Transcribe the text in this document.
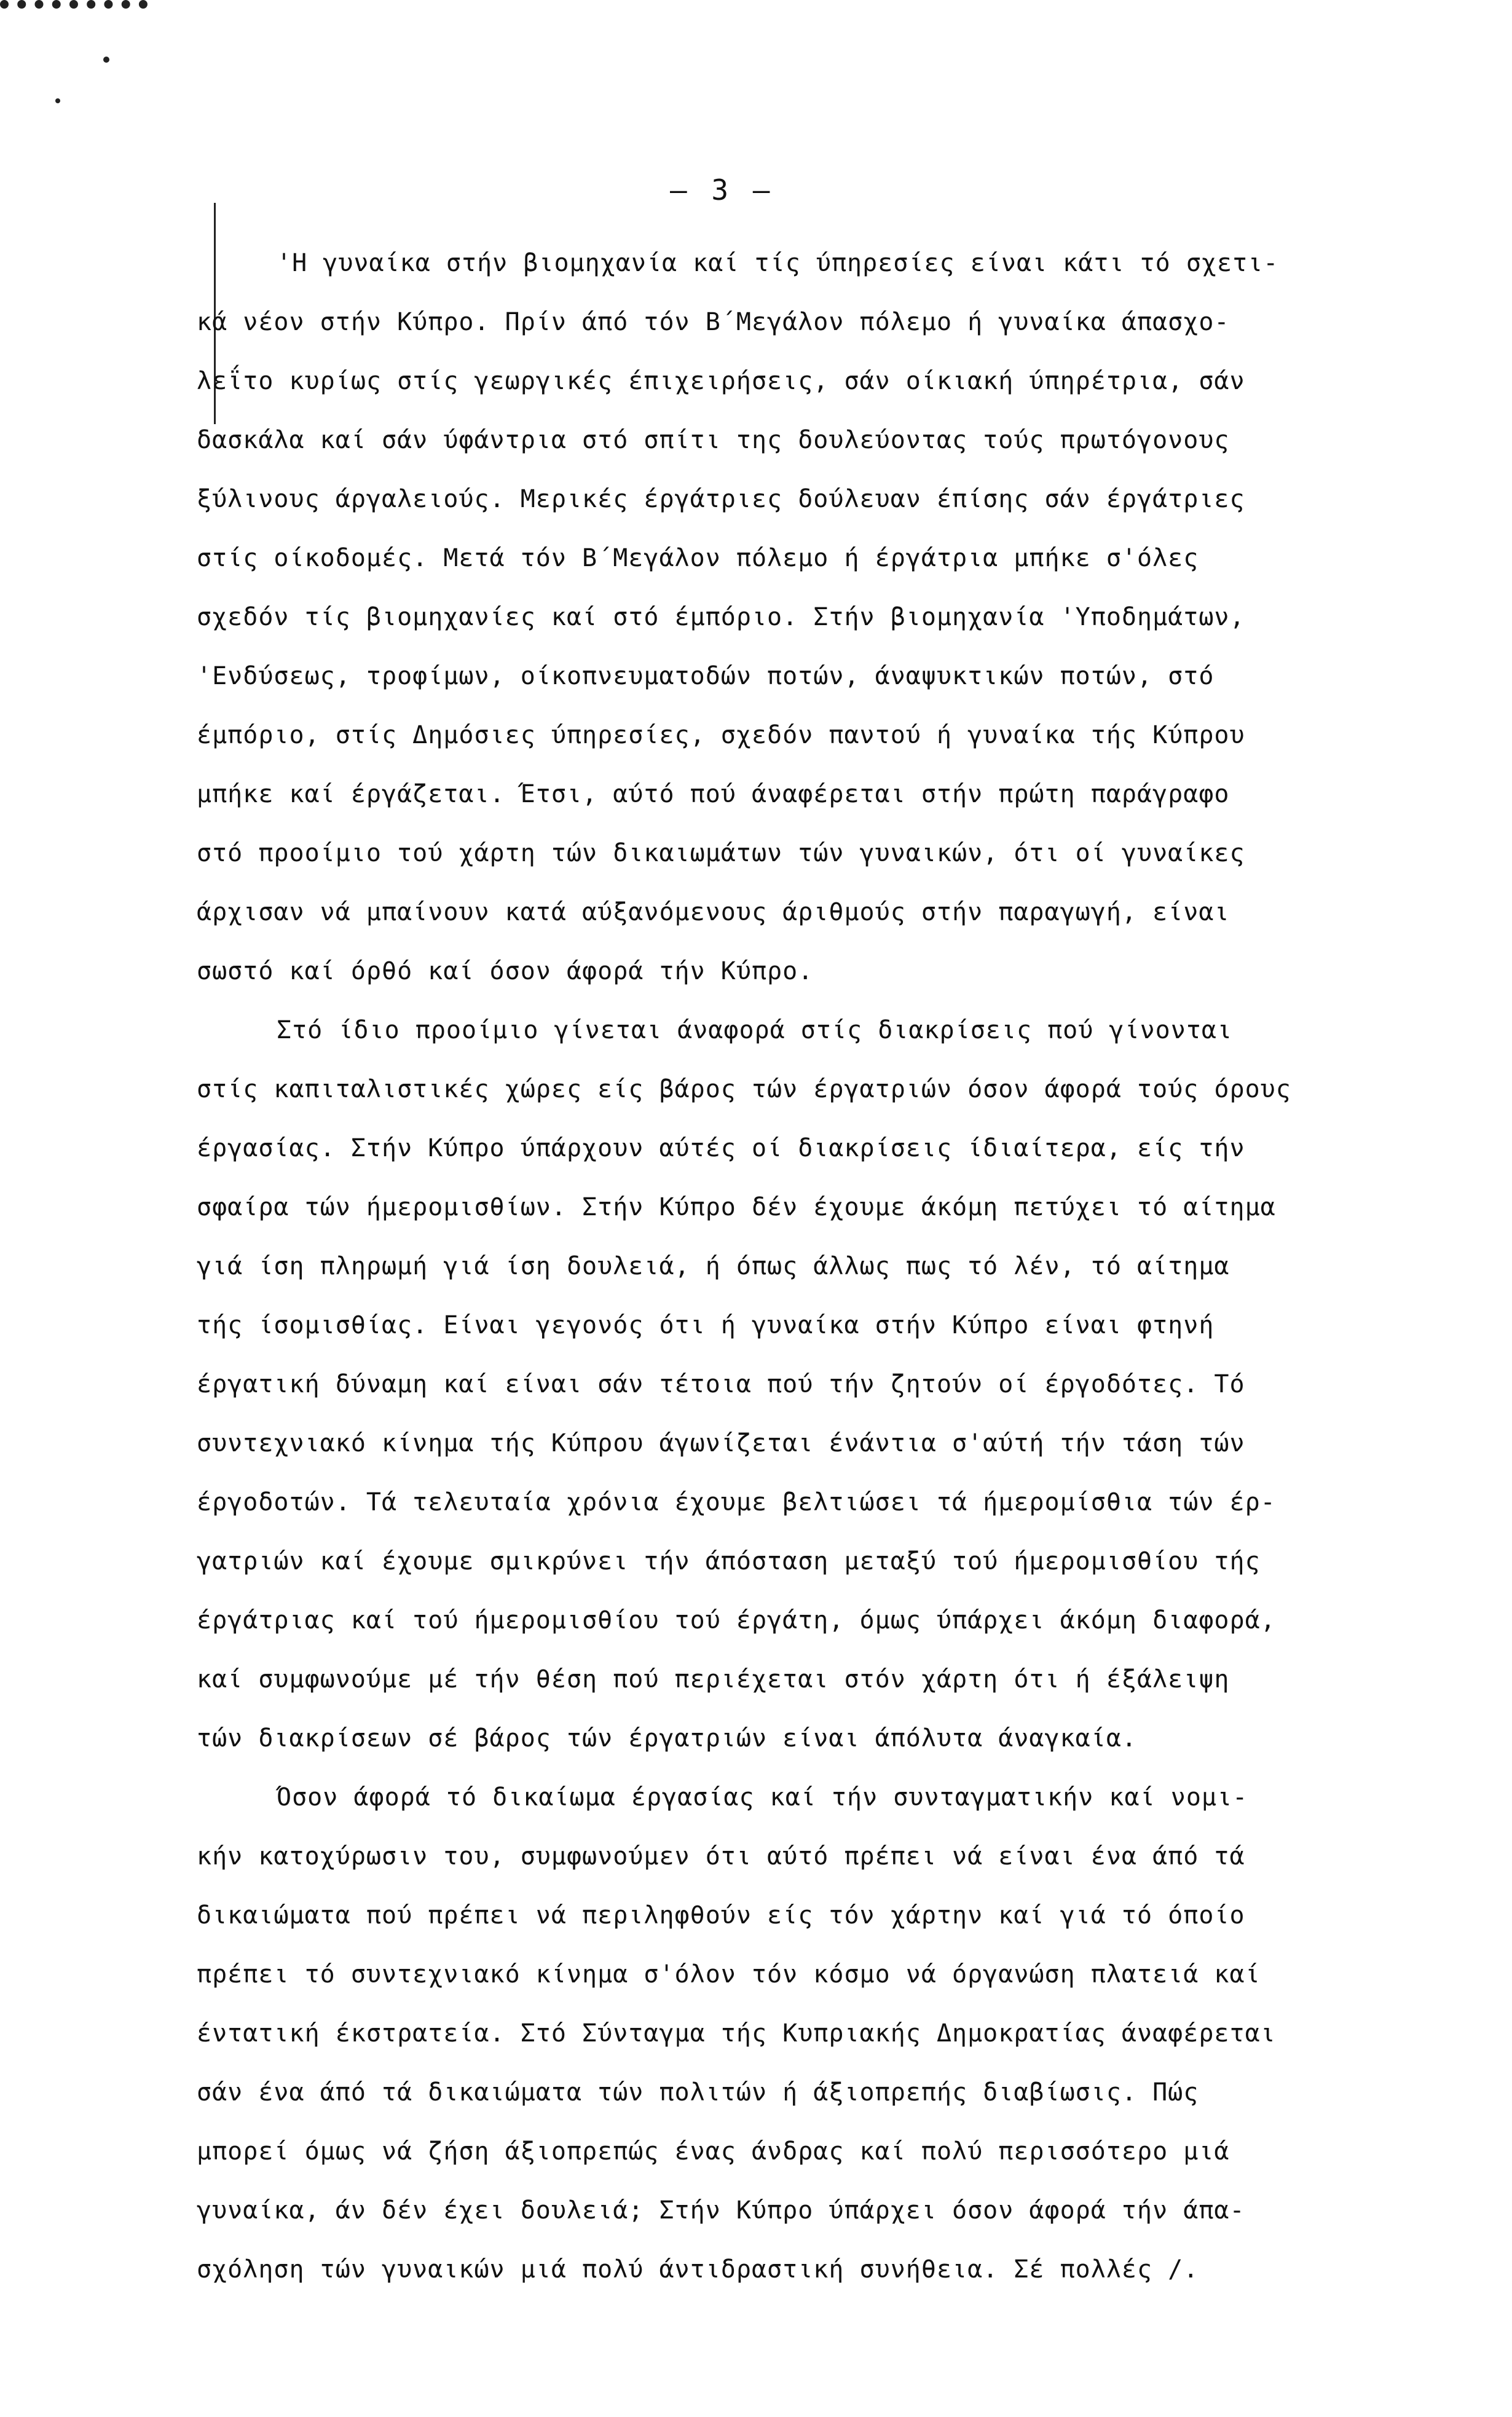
— 3 —
'Η γυναίκα στήν βιομηχανία καί τίς ύπηρεσίες είναι κάτι τό σχετι-
κά νέον στήν Κύπρο. Πρίν άπό τόν Β΄Μεγάλον πόλεμο ή γυναίκα άπασχο-
λεΐτο κυρίως στίς γεωργικές έπιχειρήσεις, σάν οίκιακή ύπηρέτρια, σάν
δασκάλα καί σάν ύφάντρια στό σπίτι της δουλεύοντας τούς πρωτόγονους
ξύλινους άργαλειούς. Μερικές έργάτριες δούλευαν έπίσης σάν έργάτριες
στίς οίκοδομές. Μετά τόν Β΄Μεγάλον πόλεμο ή έργάτρια μπήκε σ'όλες
σχεδόν τίς βιομηχανίες καί στό έμπόριο. Στήν βιομηχανία 'Υποδημάτων,
'Ενδύσεως, τροφίμων, οίκοπνευματοδών ποτών, άναψυκτικών ποτών, στό
έμπόριο, στίς Δημόσιες ύπηρεσίες, σχεδόν παντού ή γυναίκα τής Κύπρου
μπήκε καί έργάζεται. Έτσι, αύτό πού άναφέρεται στήν πρώτη παράγραφο
στό προοίμιο τού χάρτη τών δικαιωμάτων τών γυναικών, ότι οί γυναίκες
άρχισαν νά μπαίνουν κατά αύξανόμενους άριθμούς στήν παραγωγή, είναι
σωστό καί όρθό καί όσον άφορά τήν Κύπρο.
Στό ίδιο προοίμιο γίνεται άναφορά στίς διακρίσεις πού γίνονται
στίς καπιταλιστικές χώρες είς βάρος τών έργατριών όσον άφορά τούς όρους
έργασίας. Στήν Κύπρο ύπάρχουν αύτές οί διακρίσεις ίδιαίτερα, είς τήν
σφαίρα τών ήμερομισθίων. Στήν Κύπρο δέν έχουμε άκόμη πετύχει τό αίτημα
γιά ίση πληρωμή γιά ίση δουλειά, ή όπως άλλως πως τό λέν, τό αίτημα
τής ίσομισθίας. Είναι γεγονός ότι ή γυναίκα στήν Κύπρο είναι φτηνή
έργατική δύναμη καί είναι σάν τέτοια πού τήν ζητούν οί έργοδότες. Τό
συντεχνιακό κίνημα τής Κύπρου άγωνίζεται ένάντια σ'αύτή τήν τάση τών
έργοδοτών. Τά τελευταία χρόνια έχουμε βελτιώσει τά ήμερομίσθια τών έρ-
γατριών καί έχουμε σμικρύνει τήν άπόσταση μεταξύ τού ήμερομισθίου τής
έργάτριας καί τού ήμερομισθίου τού έργάτη, όμως ύπάρχει άκόμη διαφορά,
καί συμφωνούμε μέ τήν θέση πού περιέχεται στόν χάρτη ότι ή έξάλειψη
τών διακρίσεων σέ βάρος τών έργατριών είναι άπόλυτα άναγκαία.
Όσον άφορά τό δικαίωμα έργασίας καί τήν συνταγματικήν καί νομι-
κήν κατοχύρωσιν του, συμφωνούμεν ότι αύτό πρέπει νά είναι ένα άπό τά
δικαιώματα πού πρέπει νά περιληφθούν είς τόν χάρτην καί γιά τό όποίο
πρέπει τό συντεχνιακό κίνημα σ'όλον τόν κόσμο νά όργανώση πλατειά καί
έντατική έκστρατεία. Στό Σύνταγμα τής Κυπριακής Δημοκρατίας άναφέρεται
σάν ένα άπό τά δικαιώματα τών πολιτών ή άξιοπρεπής διαβίωσις. Πώς
μπορεί όμως νά ζήση άξιοπρεπώς ένας άνδρας καί πολύ περισσότερο μιά
γυναίκα, άν δέν έχει δουλειά; Στήν Κύπρο ύπάρχει όσον άφορά τήν άπα-
σχόληση τών γυναικών μιά πολύ άντιδραστική συνήθεια. Σέ πολλές /.
